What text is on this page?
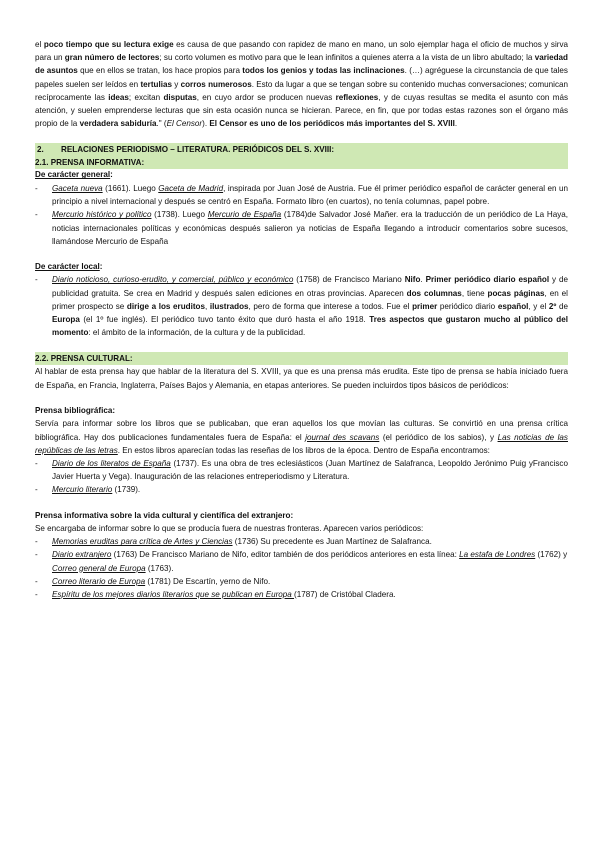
el poco tiempo que su lectura exige es causa de que pasando con rapidez de mano en mano, un solo ejemplar haga el oficio de muchos y sirva para un gran número de lectores; su corto volumen es motivo para que le lean infinitos a quienes aterra a la vista de un libro abultado; la variedad de asuntos que en ellos se tratan, los hace propios para todos los genios y todas las inclinaciones. (…) agréguese la circunstancia de que tales papeles suelen ser leídos en tertulias y corros numerosos. Esto da lugar a que se tengan sobre su contenido muchas conversaciones; comunican recíprocamente las ideas; excitan disputas, en cuyo ardor se producen nuevas reflexiones, y de cuyas resultas se medita el asunto con más atención, y suelen emprenderse lecturas que sin esta ocasión nunca se hicieran. Parece, en fin, que por todas estas razones son el órgano más propio de la verdadera sabiduría." (El Censor). El Censor es uno de los periódicos más importantes del S. XVIII.

2. RELACIONES PERIODISMO – LITERATURA. PERIÓDICOS DEL S. XVIII:

2.1. PRENSA INFORMATIVA:

De carácter general:

- Gaceta nueva (1661). Luego Gaceta de Madrid, inspirada por Juan José de Austria. Fue él primer periódico español de carácter general en un principio a nivel internacional y después se centró en España. Formato libro (en cuartos), no tenía columnas, papel pobre.
- Mercurio histórico y político (1738). Luego Mercurio de España (1784)de Salvador José Mañer. era la traducción de un periódico de La Haya, noticias internacionales políticas y económicas después salieron ya noticias de España llegando a introducir comentarios sobre sucesos, llamándose Mercurio de España

De carácter local:

- Diario noticioso, curioso-erudito, y comercial, público y económico (1758) de Francisco Mariano Nifo. Primer periódico diario español y de publicidad gratuita. Se crea en Madrid y después salen ediciones en otras provincias. Aparecen dos columnas, tiene pocas páginas, en el primer prospecto se dirige a los eruditos, ilustrados, pero de forma que interese a todos. Fue el primer periódico diario español, y el 2º de Europa (el 1º fue inglés). El periódico tuvo tanto éxito que duró hasta el año 1918. Tres aspectos que gustaron mucho al público del momento: el ámbito de la información, de la cultura y de la publicidad.

2.2. PRENSA CULTURAL:

Al hablar de esta prensa hay que hablar de la literatura del S. XVIII, ya que es una prensa más erudita. Este tipo de prensa se había iniciado fuera de España, en Francia, Inglaterra, Países Bajos y Alemania, en etapas anteriores. Se pueden incluirdos tipos básicos de periódicos:

Prensa bibliográfica:

Servía para informar sobre los libros que se publicaban, que eran aquellos los que movían las culturas. Se convirtió en una prensa crítica bibliográfica. Hay dos publicaciones fundamentales fuera de España: el journal des scavans (el periódico de los sabios), y Las noticias de las repúblicas de las letras. En estos libros aparecían todas las reseñas de los libros de la época. Dentro de España encontramos:

- Diario de los literatos de España (1737). Es una obra de tres eclesiásticos (Juan Martínez de Salafranca, Leopoldo Jerónimo Puig yFrancisco Javier Huerta y Vega). Inauguración de las relaciones entreperiodismo y Literatura.
- Mercurio literario (1739).

Prensa informativa sobre la vida cultural y científica del extranjero:

Se encargaba de informar sobre lo que se producía fuera de nuestras fronteras. Aparecen varios periódicos:

- Memorias eruditas para crítica de Artes y Ciencias (1736) Su precedente es Juan Martínez de Salafranca.
- Diario extranjero (1763) De Francisco Mariano de Nifo, editor también de dos periódicos anteriores en esta línea: La estafa de Londres (1762) y Correo general de Europa (1763).
- Correo literario de Europa (1781) De Escartín, yerno de Nifo.
- Espíritu de los mejores diarios literarios que se publican en Europa (1787) de Cristóbal Cladera.
